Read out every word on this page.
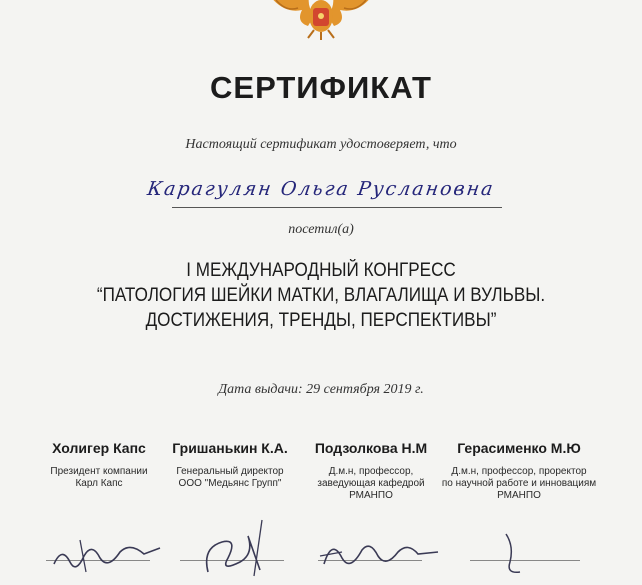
СЕРТИФИКАТ
Настоящий сертификат удостоверяет, что
Карагулян Ольга Руслановна
посетил(а)
I МЕЖДУНАРОДНЫЙ КОНГРЕСС
“ПАТОЛОГИЯ ШЕЙКИ МАТКИ, ВЛАГАЛИЩА И ВУЛЬВЫ.
ДОСТИЖЕНИЯ, ТРЕНДЫ, ПЕРСПЕКТИВЫ”
Дата выдачи: 29 сентября 2019 г.
Холигер Капс
Президент компании
Карл Капс
Гришанькин К.А.
Генеральный директор
ООО "Медьянс Групп"
Подзолкова Н.М
Д.м.н, профессор,
заведующая кафедрой
РМАНПО
Герасименко М.Ю
Д.м.н, профессор, проректор
по научной работе и инновациям
РМАНПО
